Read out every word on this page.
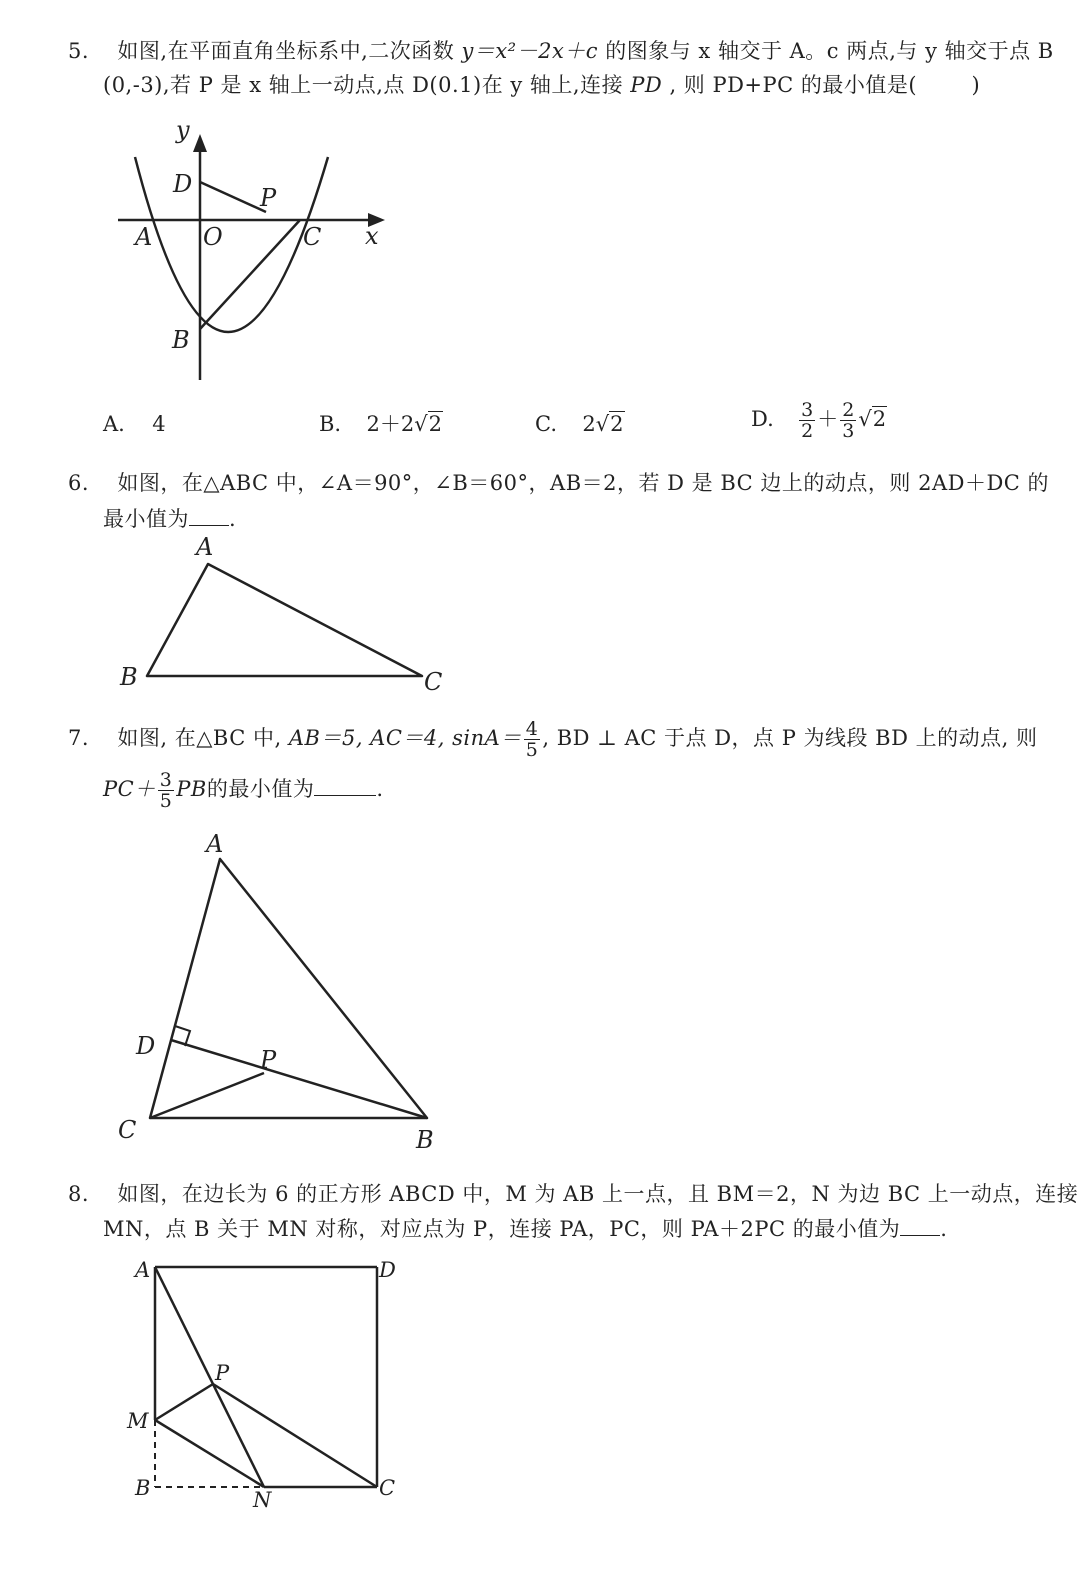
5. 如图,在平面直角坐标系中,二次函数 y＝x²－2x＋c 的图象与 x 轴交于 A。c 两点,与 y 轴交于点 B
(0,-3),若 P 是 x 轴上一动点,点 D(0.1)在 y 轴上,连接 PD , 则 PD+PC 的最小值是(	)
y
x
D	P
A O	C
B
A. 4	B. 2＋2√2	C. 2√2	D. $\frac{3}{2} + \frac{2}{3} √2$
6. 如图，在△ABC 中，∠A＝90°，∠B＝60°，AB＝2，若 D 是 BC 边上的动点，则 2AD＋DC 的
最小值为 .
A
B	C
7. 如图, 在△BC 中, AB＝5, AC＝4, $\sin A= \frac{4}{5}$ , BD ⊥ AC 于点 D，点 P 为线段 BD 上的动点, 则
$PC+ \frac{3}{5}$ PB的最小值为	.
A
D	P
C	B
8. 如图，在边长为 6 的正方形 ABCD 中，M 为 AB 上一点，且 BM＝2，N 为边 BC 上一动点，连接
MN，点 B 关于 MN 对称，对应点为 P，连接 PA，PC，则 PA＋2PC 的最小值为 .
A	D
P
M
B	N	C
